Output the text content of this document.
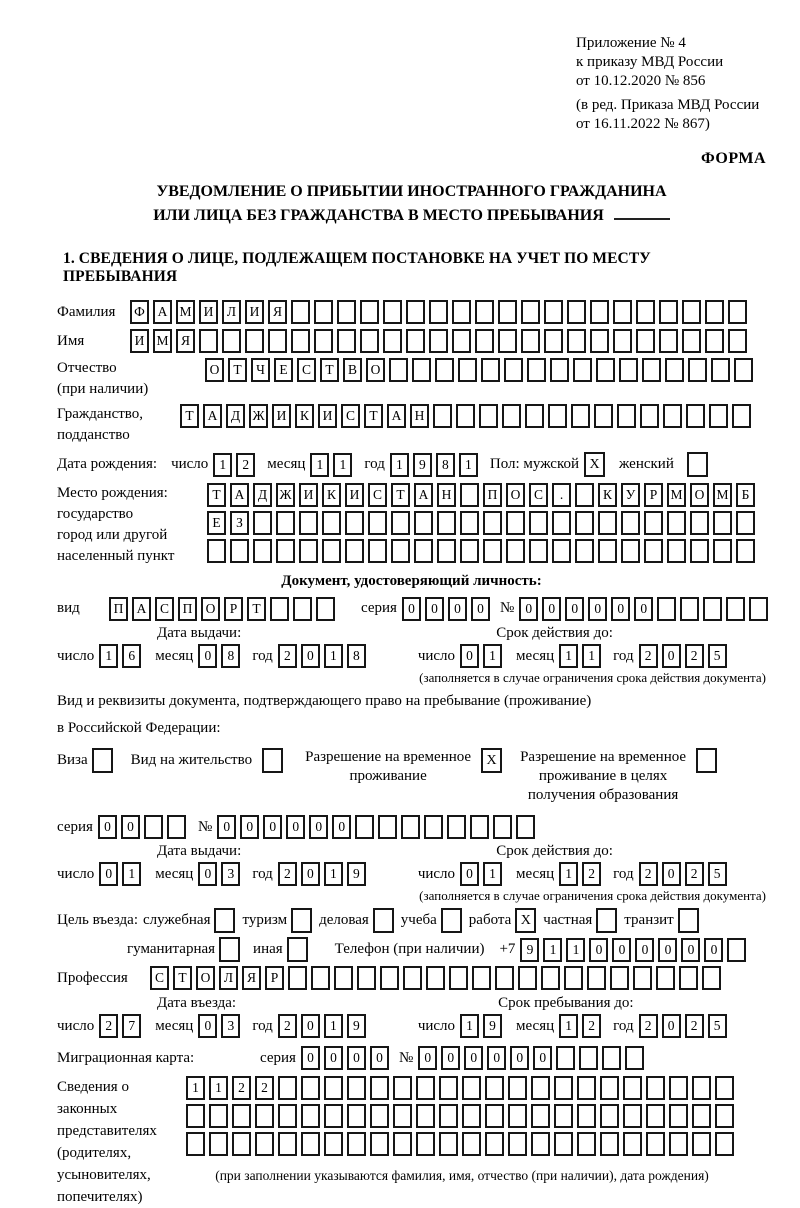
Приложение № 4
к приказу МВД России
от 10.12.2020 № 856
(в ред. Приказа МВД России
от 16.11.2022 № 867)
ФОРМА
УВЕДОМЛЕНИЕ О ПРИБЫТИИ ИНОСТРАННОГО ГРАЖДАНИНА
ИЛИ ЛИЦА БЕЗ ГРАЖДАНСТВА В МЕСТО ПРЕБЫВАНИЯ
1. СВЕДЕНИЯ О ЛИЦЕ, ПОДЛЕЖАЩЕМ ПОСТАНОВКЕ НА УЧЕТ ПО МЕСТУ ПРЕБЫВАНИЯ
Фамилия	Ф А М И	Л	И	Я
Имя	И М Я
Отчество
(при наличии)
О	Т	Ч	Е	С	Т	В	О
Гражданство,
подданство
Т	А	Д Ж И	К	И	С	Т	А Н
Дата рождения: число 1	2	месяц 1	1	год 1	9	8	1	Пол: мужской X	женский
Место рождения:
государство
город или другой
населенный пункт
Т	А	Д Ж И	К	И	С	Т	А Н	П О	С	.	К	У	Р М О М Б
Е	З
Документ, удостоверяющий личность:
вид	П А	С	П О	Р	Т	серия 0	0	0	0	№ 0	0	0	0	0	0
Дата выдачи:	Срок действия до:
число 1	6	месяц 0	8	год 2	0	1	8	число 0	1	месяц 1	1	год 2	0	2	5
(заполняется в случае ограничения срока действия документа)
Вид и реквизиты документа, подтверждающего право на пребывание (проживание)
в Российской Федерации:
Виза	Вид на жительство	Разрешение на временное
проживание
X	Разрешение на временное
проживание в целях
получения образования
серия 0	0	№ 0	0	0	0	0	0
Дата выдачи:	Срок действия до:
число 0	1	месяц 0	3	год 2	0	1	9	число 0	1	месяц 1	2	год 2	0	2	5
(заполняется в случае ограничения срока действия документа)
Цель въезда: служебная туризм деловая учеба работа X частная транзит
гуманитарная	иная	Телефон (при наличии) +7 9	1	1	0	0	0	0	0	0
Профессия	С	Т	О	Л	Я	Р
Дата въезда:	Срок пребывания до:
число 2	7	месяц 0	3	год 2	0	1	9	число 1	9	месяц 1	2	год 2	0	2	5
Миграционная карта:	серия 0	0	0	0	№ 0	0	0	0	0	0
Сведения о
законных
представителях
(родителях,
усыновителях,
попечителях)
1	1	2	2
(при заполнении указываются фамилия, имя, отчество (при наличии), дата рождения)
